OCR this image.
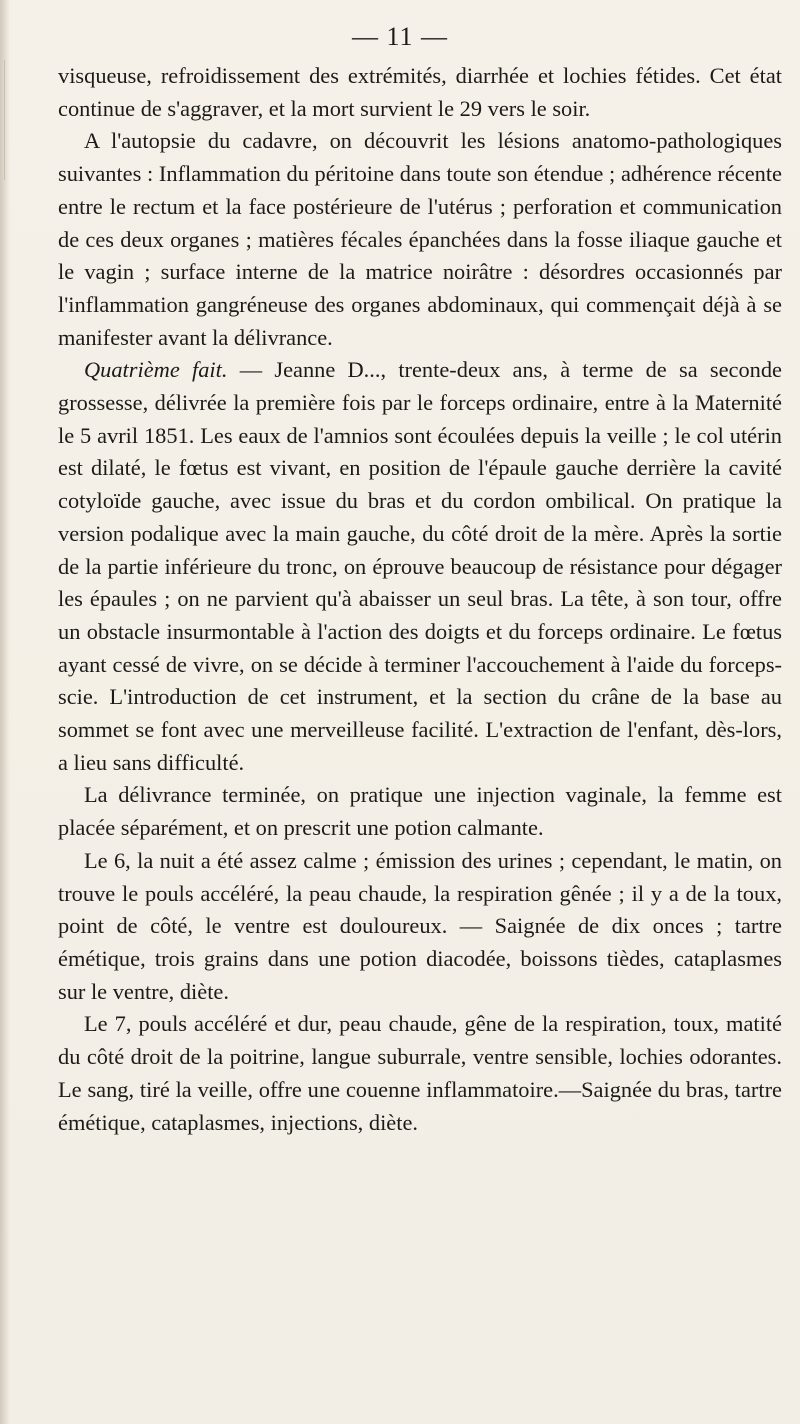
— 11 —

visqueuse, refroidissement des extrémités, diarrhée et lochies fétides. Cet état continue de s'aggraver, et la mort survient le 29 vers le soir.

A l'autopsie du cadavre, on découvrit les lésions anatomo-pathologiques suivantes : Inflammation du péritoine dans toute son étendue ; adhérence récente entre le rectum et la face postérieure de l'utérus ; perforation et communication de ces deux organes ; matières fécales épanchées dans la fosse iliaque gauche et le vagin ; surface interne de la matrice noirâtre : désordres occasionnés par l'inflammation gangréneuse des organes abdominaux, qui commençait déjà à se manifester avant la délivrance.

Quatrième fait. — Jeanne D..., trente-deux ans, à terme de sa seconde grossesse, délivrée la première fois par le forceps ordinaire, entre à la Maternité le 5 avril 1851. Les eaux de l'amnios sont écoulées depuis la veille ; le col utérin est dilaté, le fœtus est vivant, en position de l'épaule gauche derrière la cavité cotyloïde gauche, avec issue du bras et du cordon ombilical. On pratique la version podalique avec la main gauche, du côté droit de la mère. Après la sortie de la partie inférieure du tronc, on éprouve beaucoup de résistance pour dégager les épaules ; on ne parvient qu'à abaisser un seul bras. La tête, à son tour, offre un obstacle insurmontable à l'action des doigts et du forceps ordinaire. Le fœtus ayant cessé de vivre, on se décide à terminer l'accouchement à l'aide du forceps-scie. L'introduction de cet instrument, et la section du crâne de la base au sommet se font avec une merveilleuse facilité. L'extraction de l'enfant, dès-lors, a lieu sans difficulté.

La délivrance terminée, on pratique une injection vaginale, la femme est placée séparément, et on prescrit une potion calmante.

Le 6, la nuit a été assez calme ; émission des urines ; cependant, le matin, on trouve le pouls accéléré, la peau chaude, la respiration gênée ; il y a de la toux, point de côté, le ventre est douloureux. — Saignée de dix onces ; tartre émétique, trois grains dans une potion diacodée, boissons tièdes, cataplasmes sur le ventre, diète.

Le 7, pouls accéléré et dur, peau chaude, gêne de la respiration, toux, matité du côté droit de la poitrine, langue suburrale, ventre sensible, lochies odorantes. Le sang, tiré la veille, offre une couenne inflammatoire.—Saignée du bras, tartre émétique, cataplasmes, injections, diète.
